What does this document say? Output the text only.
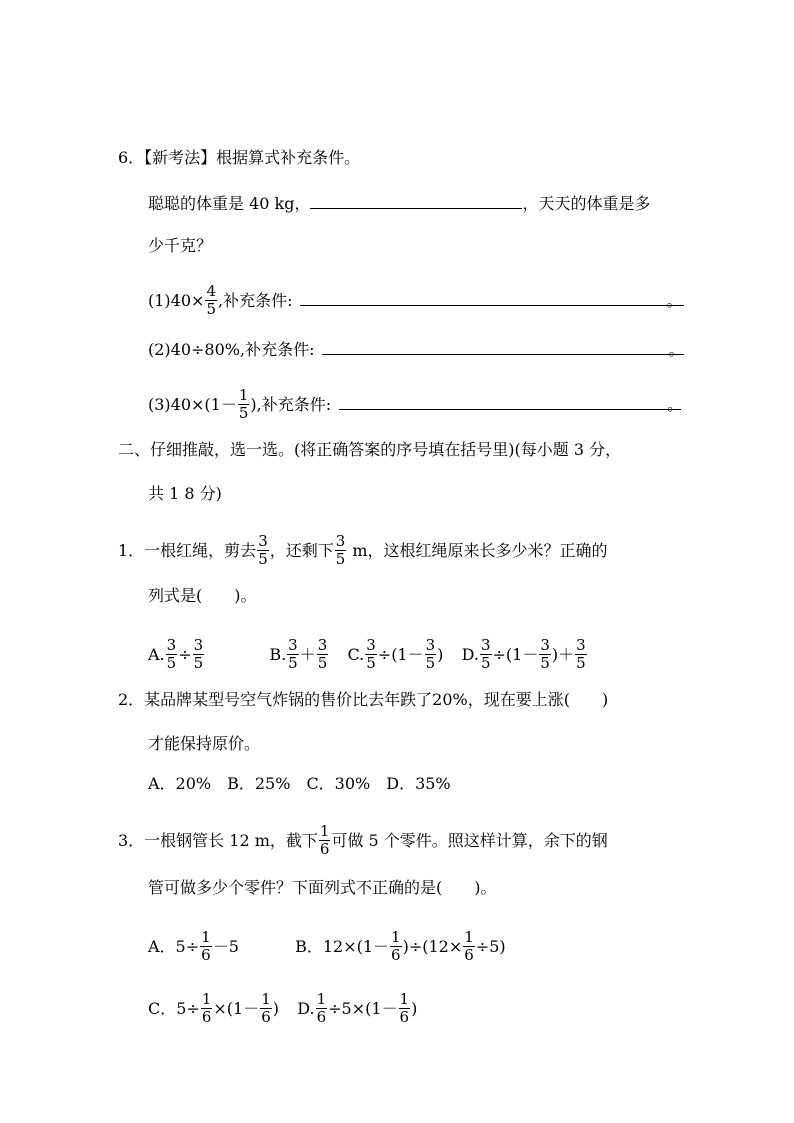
6．【新考法】根据算式补充条件。
聪聪的体重是 40 kg，	，天天的体重是多
少千克？
$(1)40\times \frac{4}{5}$ ,补充条件:	。
(2)40÷80%,补充条件:	。
$(3)40\times(1- \frac{1}{5}$ ),补充条件:	。
二、仔细推敲，选一选。(将正确答案的序号填在括号里)(每小题 3 分，
共 1 8 分)
1．一根红绳，剪去 $\frac{3}{5}$ ，还剩下 $\frac{3}{5}$ m，这根红绳原来长多少米？正确的
列式是(　　)。
A. $\frac{3}{5} \div \frac{3}{5}$	B. $\frac{3}{5} + \frac{3}{5} C$. $\frac{3}{5} \div(1- \frac{3}{5}$ ) D. $\frac{3}{5} \div(1- \frac{3}{5}$ )＋ $\frac{3}{5}$
2．某品牌某型号空气炸锅的售价比去年跌了20%，现在要上涨(　　)
才能保持原价。
A．20%　B．25%　C．30%　D．35%
3．一根钢管长 12 m，截下 $\frac{1}{6}$ 可做 5 个零件。照这样计算，余下的钢
管可做多少个零件？下面列式不正确的是(　　)。
A．$5\div \frac{1}{6} -5$	B．$12\times(1- \frac{1}{6} )\div(12\times \frac{1}{6} \div 5)$
C．$5\div \frac{1}{6} \times(1- \frac{1}{6}$ ) D. $\frac{1}{6} \div 5\times(1- \frac{1}{6}$ )
